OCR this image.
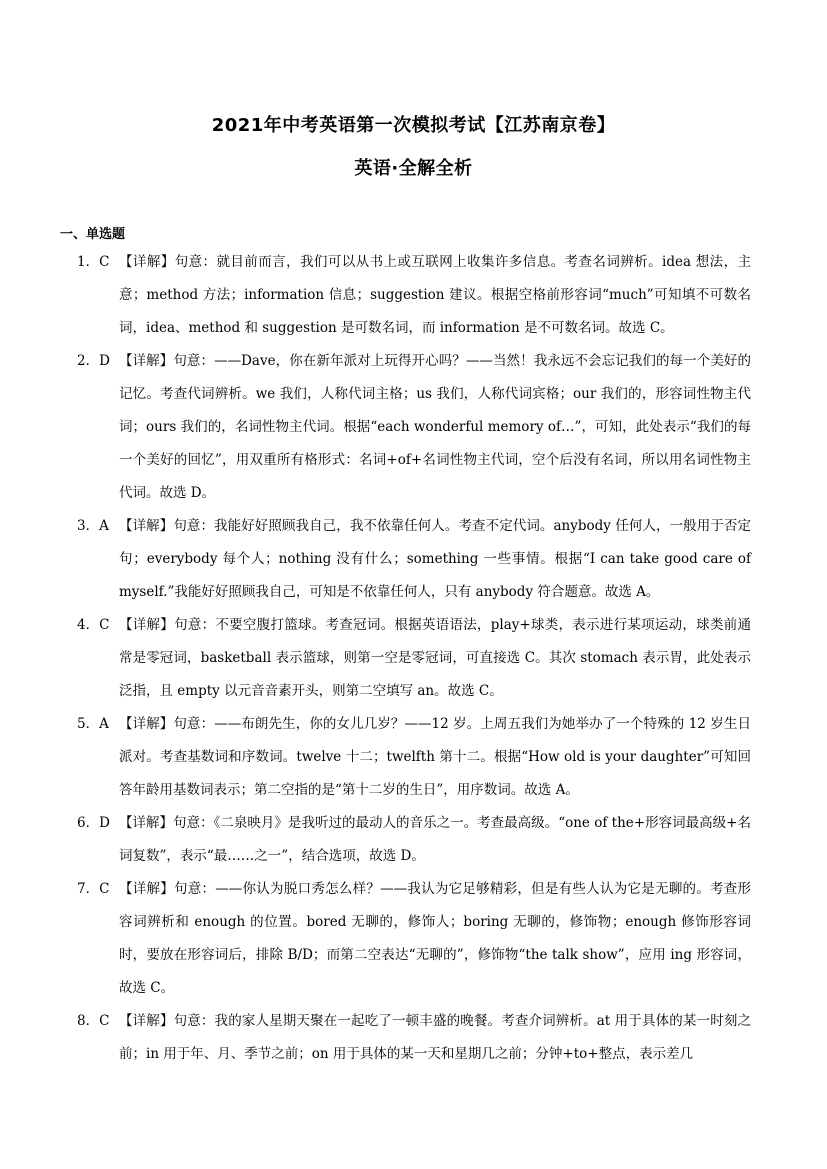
2021年中考英语第一次模拟考试【江苏南京卷】
英语·全解全析
一、单选题
1．C 【详解】句意：就目前而言，我们可以从书上或互联网上收集许多信息。考查名词辨析。idea 想法，主意；method 方法；information 信息；suggestion 建议。根据空格前形容词“much”可知填不可数名词，idea、method 和 suggestion 是可数名词，而 information 是不可数名词。故选 C。
2．D 【详解】句意：——Dave，你在新年派对上玩得开心吗？——当然！我永远不会忘记我们的每一个美好的记忆。考查代词辨析。we 我们，人称代词主格；us 我们，人称代词宾格；our 我们的，形容词性物主代词；ours 我们的，名词性物主代词。根据“each wonderful memory of…”，可知，此处表示“我们的每一个美好的回忆”，用双重所有格形式：名词+of+名词性物主代词，空个后没有名词，所以用名词性物主代词。故选 D。
3．A 【详解】句意：我能好好照顾我自己，我不依靠任何人。考查不定代词。anybody 任何人，一般用于否定句；everybody 每个人；nothing 没有什么；something 一些事情。根据“I can take good care of myself.”我能好好照顾我自己，可知是不依靠任何人，只有 anybody 符合题意。故选 A。
4．C 【详解】句意：不要空腹打篮球。考查冠词。根据英语语法，play+球类，表示进行某项运动，球类前通常是零冠词，basketball 表示篮球，则第一空是零冠词，可直接选 C。其次 stomach 表示胃，此处表示泛指，且 empty 以元音音素开头，则第二空填写 an。故选 C。
5．A 【详解】句意：——布朗先生，你的女儿几岁？——12 岁。上周五我们为她举办了一个特殊的 12 岁生日派对。考查基数词和序数词。twelve 十二；twelfth 第十二。根据“How old is your daughter”可知回答年龄用基数词表示；第二空指的是“第十二岁的生日”，用序数词。故选 A。
6．D 【详解】句意：《二泉映月》是我听过的最动人的音乐之一。考查最高级。“one of the+形容词最高级+名词复数”，表示“最……之一”，结合选项，故选 D。
7．C 【详解】句意：——你认为脱口秀怎么样？——我认为它足够精彩，但是有些人认为它是无聊的。考查形容词辨析和 enough 的位置。bored 无聊的，修饰人；boring 无聊的，修饰物；enough 修饰形容词时，要放在形容词后，排除 B/D；而第二空表达“无聊的”，修饰物“the talk show”，应用 ing 形容词，故选 C。
8．C 【详解】句意：我的家人星期天聚在一起吃了一顿丰盛的晚餐。考查介词辨析。at 用于具体的某一时刻之前；in 用于年、月、季节之前；on 用于具体的某一天和星期几之前；分钟+to+整点，表示差几
